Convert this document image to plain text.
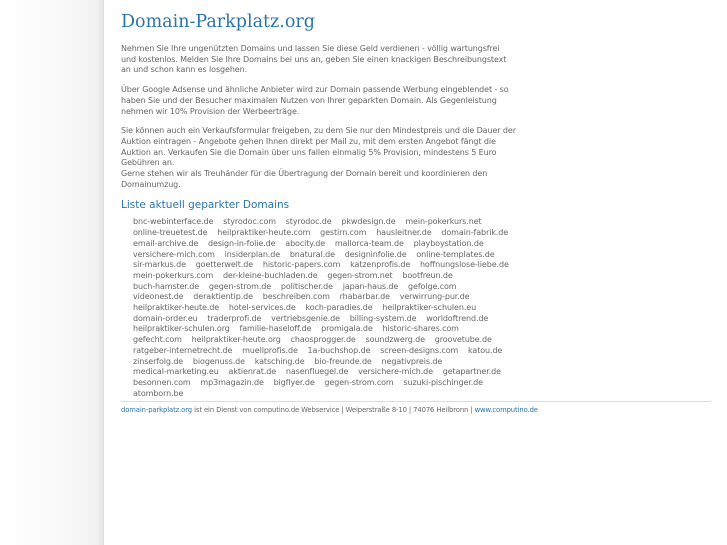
Domain-Parkplatz.org

Nehmen Sie Ihre ungenützten Domains und lassen Sie diese Geld verdienen - völlig wartungsfrei und kostenlos. Melden Sie Ihre Domains bei uns an, geben Sie einen knackigen Beschreibungstext an und schon kann es losgehen.

Über Google Adsense und ähnliche Anbieter wird zur Domain passende Werbung eingeblendet - so haben Sie und der Besucher maximalen Nutzen von Ihrer geparkten Domain. Als Gegenleistung nehmen wir 10% Provision der Werbeerträge.

Sie können auch ein Verkaufsformular freigeben, zu dem Sie nur den Mindestpreis und die Dauer der Auktion eintragen - Angebote gehen Ihnen direkt per Mail zu, mit dem ersten Angebot fängt die Auktion an. Verkaufen Sie die Domain über uns fallen einmalig 5% Provision, mindestens 5 Euro Gebühren an.

Gerne stehen wir als Treuhänder für die Übertragung der Domain bereit und koordinieren den Domainumzug.

Liste aktuell geparkter Domains
bnc-webinterface.de styrodoc.com styrodoc.de pkwdesign.de mein-pokerkurs.net    online-treuetest.de heilpraktiker-heute.com gestirn.com hausleitner.de domain-fabrik.de    email-archive.de design-in-folie.de abocity.de mallorca-team.de playboystation.de    versichere-mich.com insiderplan.de bnatural.de designinfolie.de online-templates.de    sir-markus.de goetterwelt.de historic-papers.com katzenprofis.de hoffnungslose-liebe.de    mein-pokerkurs.com der-kleine-buchladen.de gegen-strom.net bootfreun.de    buch-hamster.de gegen-strom.de politischer.de japan-haus.de gefolge.com    videonest.de deraktientip.de beschreiben.com rhabarbar.de verwirrung-pur.de    heilpraktiker-heute.de hotel-services.de koch-paradies.de heilpraktiker-schulen.eu    domain-order.eu traderprofi.de vertriebsgenie.de billing-system.de worldoftrend.de    heilpraktiker-schulen.org familie-haseloff.de promigala.de historic-shares.com    gefecht.com heilpraktiker-heute.org chaosprogger.de soundzwerg.de groovetube.de    ratgeber-internetrecht.de muellprofis.de 1a-buchshop.de screen-designs.com katou.de    zinserfolg.de biogenuss.de katsching.de bio-freunde.de negativpreis.de    medical-marketing.eu aktienrat.de nasenfluegel.de versichere-mich.de getapartner.de    besonnen.com mp3magazin.de bigflyer.de gegen-strom.com suzuki-pischinger.de    atomborn.be
domain-parkplatz.org ist ein Dienst von computino.de Webservice | Weiperstraße 8-10 | 74076 Heilbronn | www.computino.de
